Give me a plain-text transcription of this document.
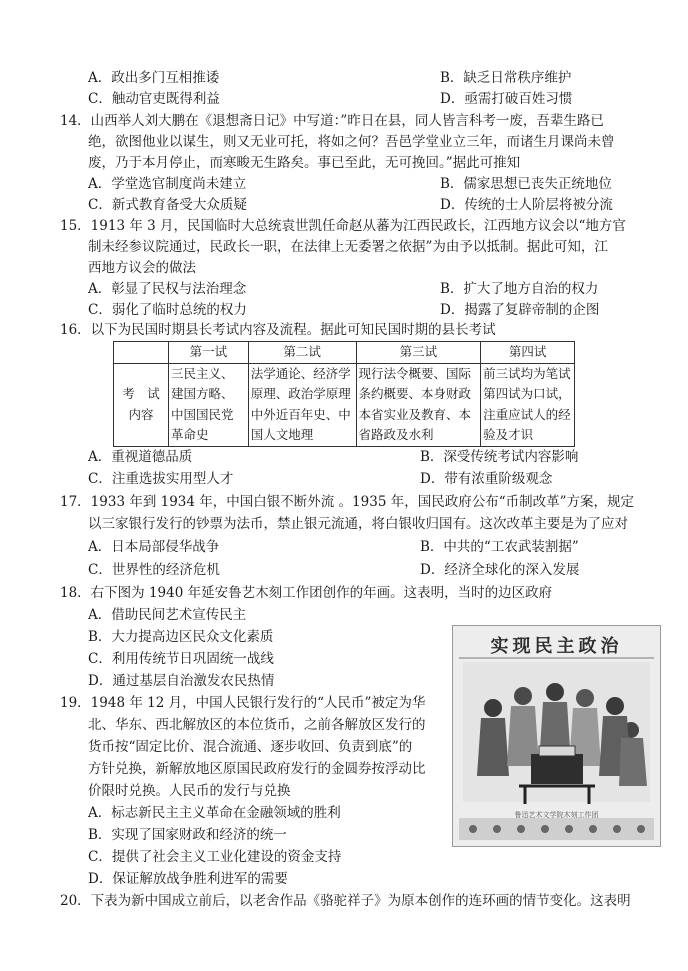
A．政出多门互相推诿	B．缺乏日常秩序维护
C．触动官吏既得利益	D．亟需打破百姓习惯
14．山西举人刘大鹏在《退想斋日记》中写道：”昨日在县，同人皆言科考一废，吾辈生路已
绝，欲图他业以谋生，则又无业可托，将如之何？吾邑学堂业立三年，而诸生月课尚未曾
废，乃于本月停止，而寒畯无生路矣。事已至此，无可挽回。”据此可推知
A．学堂选官制度尚未建立	B．儒家思想已丧失正统地位
C．新式教育备受大众质疑	D．传统的士人阶层将被分流
15．1913 年 3 月，民国临时大总统袁世凯任命赵从蕃为江西民政长，江西地方议会以“地方官
制未经参议院通过，民政长一职，在法律上无委署之依据”为由予以抵制。据此可知，江
西地方议会的做法
A．彰显了民权与法治理念	B．扩大了地方自治的权力
C．弱化了临时总统的权力	D．揭露了复辟帝制的企图
16．以下为民国时期县长考试内容及流程。据此可知民国时期的县长考试
	第一试	第二试	第三试	第四试
考　试内容	三民主义、建国方略、中国国民党革命史	法学通论、经济学原理、政治学原理中外近百年史、中国人文地理	现行法令概要、国际条约概要、本身财政本省实业及教育、本省路政及水利	前三试均为笔试第四试为口试，注重应试人的经验及才识
A．重视道德品质	B．深受传统考试内容影响
C．注重选拔实用型人才	D．带有浓重阶级观念
17．1933 年到 1934 年，中国白银不断外流 。1935 年，国民政府公布“币制改革”方案，规定
以三家银行发行的钞票为法币，禁止银元流通，将白银收归国有。这次改革主要是为了应对
A．日本局部侵华战争	B．中共的“工农武装割据”
C．世界性的经济危机	D．经济全球化的深入发展
18．右下图为 1940 年延安鲁艺木刻工作团创作的年画。这表明，当时的边区政府
A．借助民间艺术宣传民主
B．大力提高边区民众文化素质
C．利用传统节日巩固统一战线
D．通过基层自治激发农民热情
实现民主政治
鲁迅艺术文学院木刻工作团
19．1948 年 12 月，中国人民银行发行的“人民币”被定为华
北、华东、西北解放区的本位货币，之前各解放区发行的
货币按“固定比价、混合流通、逐步收回、负责到底”的
方针兑换，新解放地区原国民政府发行的金圆券按浮动比
价限时兑换。人民币的发行与兑换
A．标志新民主主义革命在金融领域的胜利
B．实现了国家财政和经济的统一
C．提供了社会主义工业化建设的资金支持
D．保证解放战争胜利进军的需要
20．下表为新中国成立前后，以老舍作品《骆驼祥子》为原本创作的连环画的情节变化。这表明
